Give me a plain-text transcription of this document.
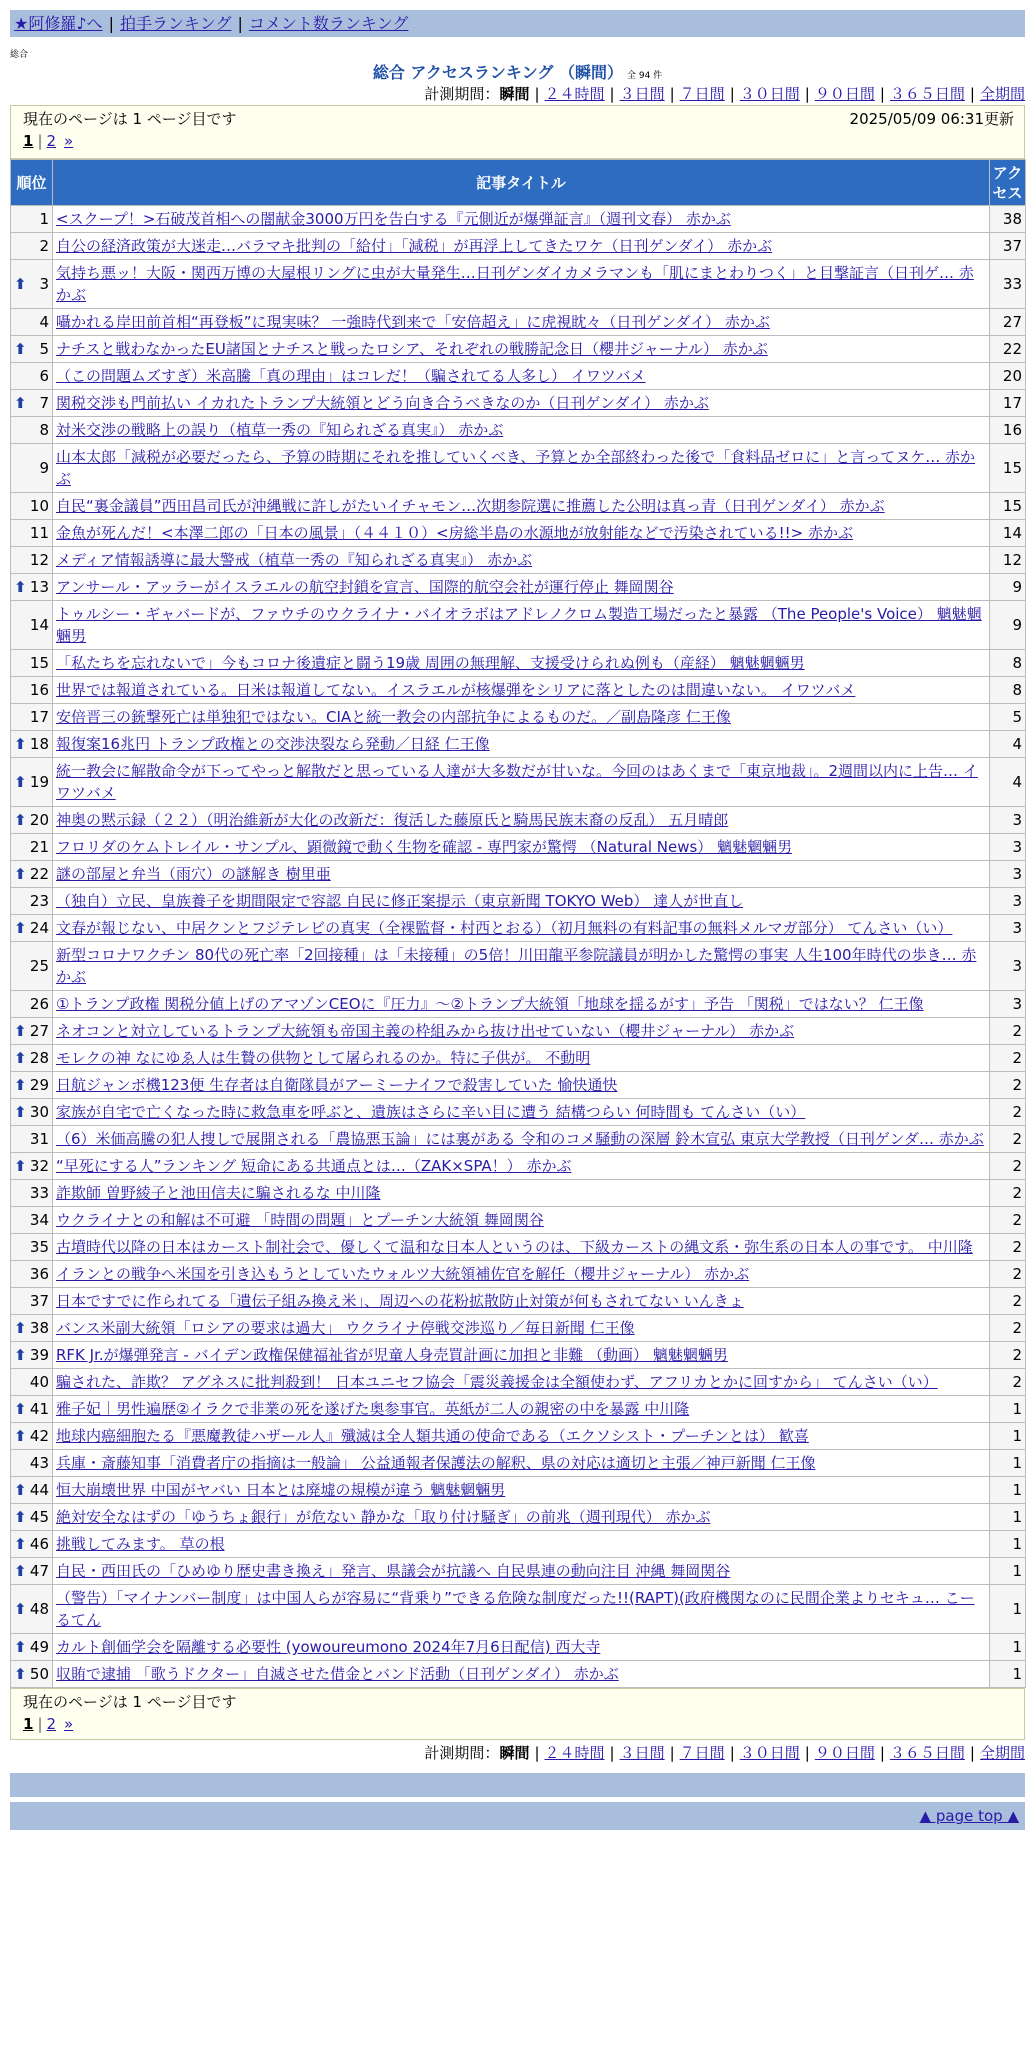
★阿修羅♪へ | 拍手ランキング | コメント数ランキング
総合
総合 アクセスランキング （瞬間） 全 94 件
計測期間：瞬間 | ２４時間 | ３日間 | ７日間 | ３０日間 | ９０日間 | ３６５日間 | 全期間
現在のページは 1 ページ目です	2025/05/09 06:31更新
1 | 2 »
順位	記事タイトル	アクセス
1	<スクープ！>石破茂首相への闇献金3000万円を告白する『元側近が爆弾証言』（週刊文春） 赤かぶ	38
2	自公の経済政策が大迷走…バラマキ批判の「給付」「減税」が再浮上してきたワケ（日刊ゲンダイ） 赤かぶ	37

⬆ 3	気持ち悪ッ！大阪・関西万博の大屋根リングに虫が大量発生…日刊ゲンダイカメラマンも「肌にまとわりつく」と目撃証言（日刊ゲ… 赤かぶ	33
4	囁かれる岸田前首相“再登板”に現実味？ 一強時代到来で「安倍超え」に虎視眈々（日刊ゲンダイ） 赤かぶ	27

⬆ 5	ナチスと戦わなかったEU諸国とナチスと戦ったロシア、それぞれの戦勝記念日（櫻井ジャーナル） 赤かぶ	22
6	（この問題ムズすぎ）米高騰「真の理由」はコレだ！（騙されてる人多し） イワツバメ	20

⬆ 7	関税交渉も門前払い イカれたトランプ大統領とどう向き合うべきなのか（日刊ゲンダイ） 赤かぶ	17
8	対米交渉の戦略上の誤り（植草一秀の『知られざる真実』） 赤かぶ	16
9	山本太郎「減税が必要だったら、予算の時期にそれを推していくべき、予算とか全部終わった後で「食料品ゼロに」と言ってヌケ… 赤かぶ	15
10	自民“裏金議員”西田昌司氏が沖縄戦に許しがたいイチャモン…次期参院選に推薦した公明は真っ青（日刊ゲンダイ） 赤かぶ	15
11	金魚が死んだ！<本澤二郎の「日本の風景」（４４１０）<房総半島の水源地が放射能などで汚染されている!!> 赤かぶ	14
12	メディア情報誘導に最大警戒（植草一秀の『知られざる真実』） 赤かぶ	12

⬆ 13	アンサール・アッラーがイスラエルの航空封鎖を宣言、国際的航空会社が運行停止 舞岡関谷	9
14	トゥルシー・ギャバードが、ファウチのウクライナ・バイオラボはアドレノクロム製造工場だったと暴露 （The People's Voice） 魑魅魍魎男	9
15	「私たちを忘れないで」今もコロナ後遺症と闘う19歳 周囲の無理解、支援受けられぬ例も（産経） 魑魅魍魎男	8
16	世界では報道されている。日米は報道してない。イスラエルが核爆弾をシリアに落としたのは間違いない。 イワツバメ	8
17	安倍晋三の銃撃死亡は単独犯ではない。CIAと統一教会の内部抗争によるものだ。／副島隆彦 仁王像	5

⬆ 18	報復案16兆円 トランプ政権との交渉決裂なら発動／日経 仁王像	4

⬆ 19	統一教会に解散命令が下ってやっと解散だと思っている人達が大多数だが甘いな。今回のはあくまで「東京地裁」。2週間以内に上告… イワツバメ	4

⬆ 20	神奥の黙示録（２２）（明治維新が大化の改新だ：復活した藤原氏と騎馬民族末裔の反乱） 五月晴郎	3
21	フロリダのケムトレイル・サンプル、顕微鏡で動く生物を確認 - 専門家が驚愕 （Natural News） 魑魅魍魎男	3

⬆ 22	謎の部屋と弁当（雨穴）の謎解き 樹里亜	3
23	（独自）立民、皇族養子を期間限定で容認 自民に修正案提示（東京新聞 TOKYO Web） 達人が世直し	3

⬆ 24	文春が報じない、中居クンとフジテレビの真実（全裸監督・村西とおる）（初月無料の有料記事の無料メルマガ部分） てんさい（い）	3
25	新型コロナワクチン 80代の死亡率「2回接種」は「未接種」の5倍！川田龍平参院議員が明かした驚愕の事実 人生100年時代の歩き… 赤かぶ	3
26	①トランプ政権 関税分値上げのアマゾンCEOに『圧力』～②トランプ大統領「地球を揺るがす」予告 「関税」ではない？ 仁王像	3

⬆ 27	ネオコンと対立しているトランプ大統領も帝国主義の枠組みから抜け出せていない（櫻井ジャーナル） 赤かぶ	2

⬆ 28	モレクの神 なにゆゑ人は生贄の供物として屠られるのか。特に子供が。 不動明	2

⬆ 29	日航ジャンボ機123便 生存者は自衛隊員がアーミーナイフで殺害していた 愉快通快	2

⬆ 30	家族が自宅で亡くなった時に救急車を呼ぶと、遺族はさらに辛い目に遭う 結構つらい 何時間も てんさい（い）	2
31	（6）米価高騰の犯人捜しで展開される「農協悪玉論」には裏がある 令和のコメ騒動の深層 鈴木宣弘 東京大学教授（日刊ゲンダ… 赤かぶ	2

⬆ 32	“早死にする人”ランキング 短命にある共通点とは…（ZAK×SPA！） 赤かぶ	2
33	詐欺師 曽野綾子と池田信夫に騙されるな 中川隆	2
34	ウクライナとの和解は不可避 「時間の問題」とプーチン大統領 舞岡関谷	2
35	古墳時代以降の日本はカースト制社会で、優しくて温和な日本人というのは、下級カーストの縄文系・弥生系の日本人の事です。 中川隆	2
36	イランとの戦争へ米国を引き込もうとしていたウォルツ大統領補佐官を解任（櫻井ジャーナル） 赤かぶ	2
37	日本ですでに作られてる「遺伝子組み換え米」、周辺への花粉拡散防止対策が何もされてない いんきょ	2

⬆ 38	バンス米副大統領「ロシアの要求は過大」 ウクライナ停戦交渉巡り／毎日新聞 仁王像	2

⬆ 39	RFK Jr.が爆弾発言 - バイデン政権保健福祉省が児童人身売買計画に加担と非難 （動画） 魑魅魍魎男	2
40	騙された、詐欺？ アグネスに批判殺到！ 日本ユニセフ協会「震災義援金は全額使わず、アフリカとかに回すから」 てんさい（い）	2

⬆ 41	雅子妃｜男性遍歴②イラクで非業の死を遂げた奥参事官。英紙が二人の親密の中を暴露 中川隆	1

⬆ 42	地球内癌細胞たる『悪魔教徒ハザール人』殲滅は全人類共通の使命である（エクソシスト・プーチンとは） 歓喜	1
43	兵庫・斎藤知事「消費者庁の指摘は一般論」 公益通報者保護法の解釈、県の対応は適切と主張／神戸新聞 仁王像	1

⬆ 44	恒大崩壊世界 中国がヤバい 日本とは廃墟の規模が違う 魑魅魍魎男	1

⬆ 45	絶対安全なはずの「ゆうちょ銀行」が危ない 静かな「取り付け騒ぎ」の前兆（週刊現代） 赤かぶ	1

⬆ 46	挑戦してみます。 草の根	1

⬆ 47	自民・西田氏の「ひめゆり歴史書き換え」発言、県議会が抗議へ 自民県連の動向注目 沖縄 舞岡関谷	1

⬆ 48	（警告）「マイナンバー制度」は中国人らが容易に“背乗り”できる危険な制度だった!!(RAPT)(政府機関なのに民間企業よりセキュ… こーるてん	1

⬆ 49	カルト創価学会を隔離する必要性 (yowoureumono 2024年7月6日配信) 西大寺	1

⬆ 50	収賄で逮捕 「歌うドクター」自滅させた借金とバンド活動（日刊ゲンダイ） 赤かぶ	1
現在のページは 1 ページ目です
1 | 2 »
計測期間：瞬間 | ２４時間 | ３日間 | ７日間 | ３０日間 | ９０日間 | ３６５日間 | 全期間
▲ page top ▲
